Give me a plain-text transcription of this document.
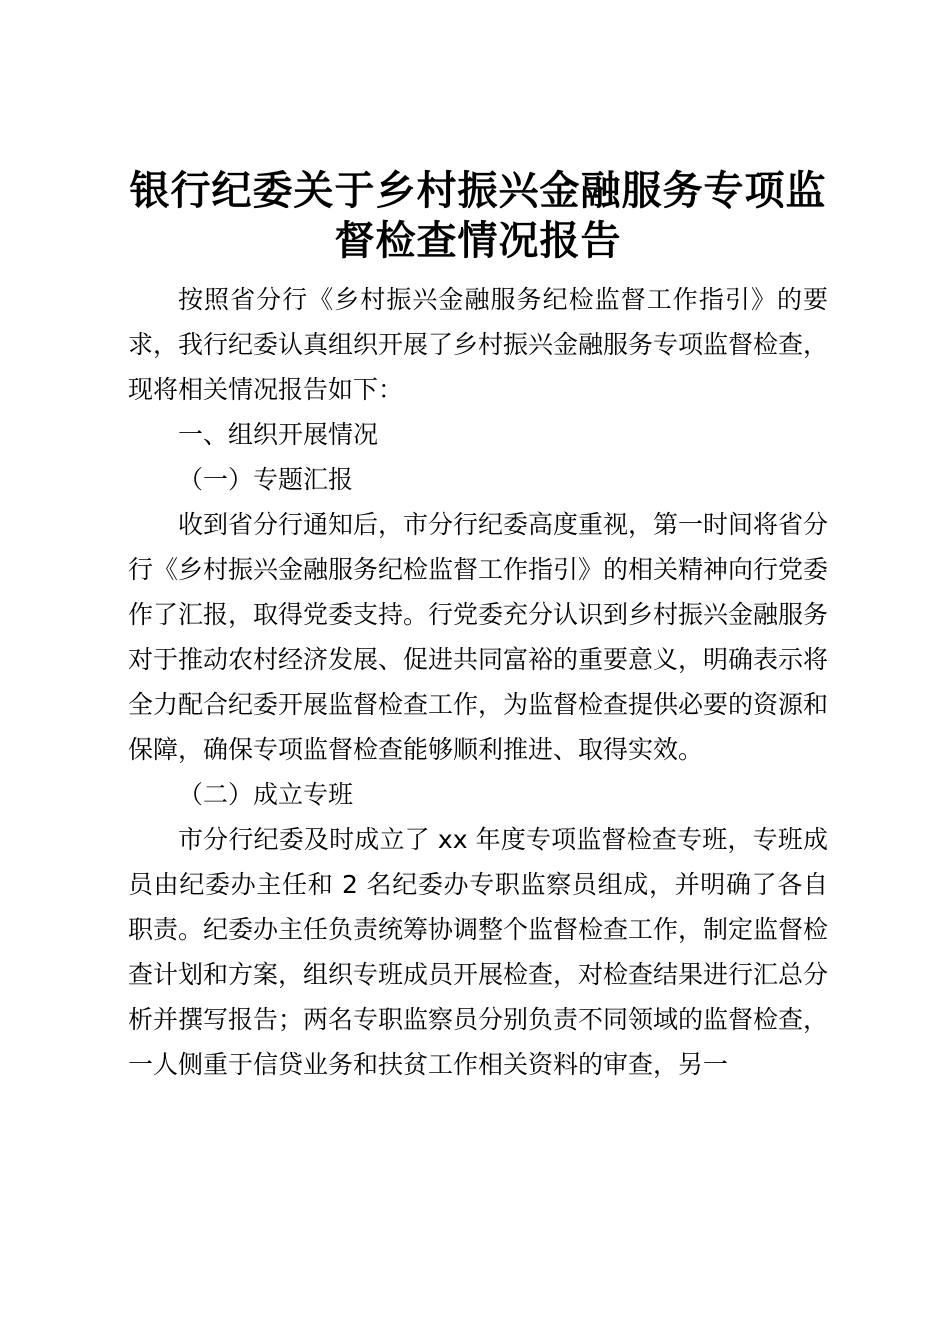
银行纪委关于乡村振兴金融服务专项监督检查情况报告

按照省分行《乡村振兴金融服务纪检监督工作指引》的要求，我行纪委认真组织开展了乡村振兴金融服务专项监督检查，现将相关情况报告如下：

一、组织开展情况

（一）专题汇报

收到省分行通知后，市分行纪委高度重视，第一时间将省分行《乡村振兴金融服务纪检监督工作指引》的相关精神向行党委作了汇报，取得党委支持。行党委充分认识到乡村振兴金融服务对于推动农村经济发展、促进共同富裕的重要意义，明确表示将全力配合纪委开展监督检查工作，为监督检查提供必要的资源和保障，确保专项监督检查能够顺利推进、取得实效。

（二）成立专班

市分行纪委及时成立了 xx 年度专项监督检查专班，专班成员由纪委办主任和 2 名纪委办专职监察员组成，并明确了各自职责。纪委办主任负责统筹协调整个监督检查工作，制定监督检查计划和方案，组织专班成员开展检查，对检查结果进行汇总分析并撰写报告；两名专职监察员分别负责不同领域的监督检查，一人侧重于信贷业务和扶贫工作相关资料的审查，另一
